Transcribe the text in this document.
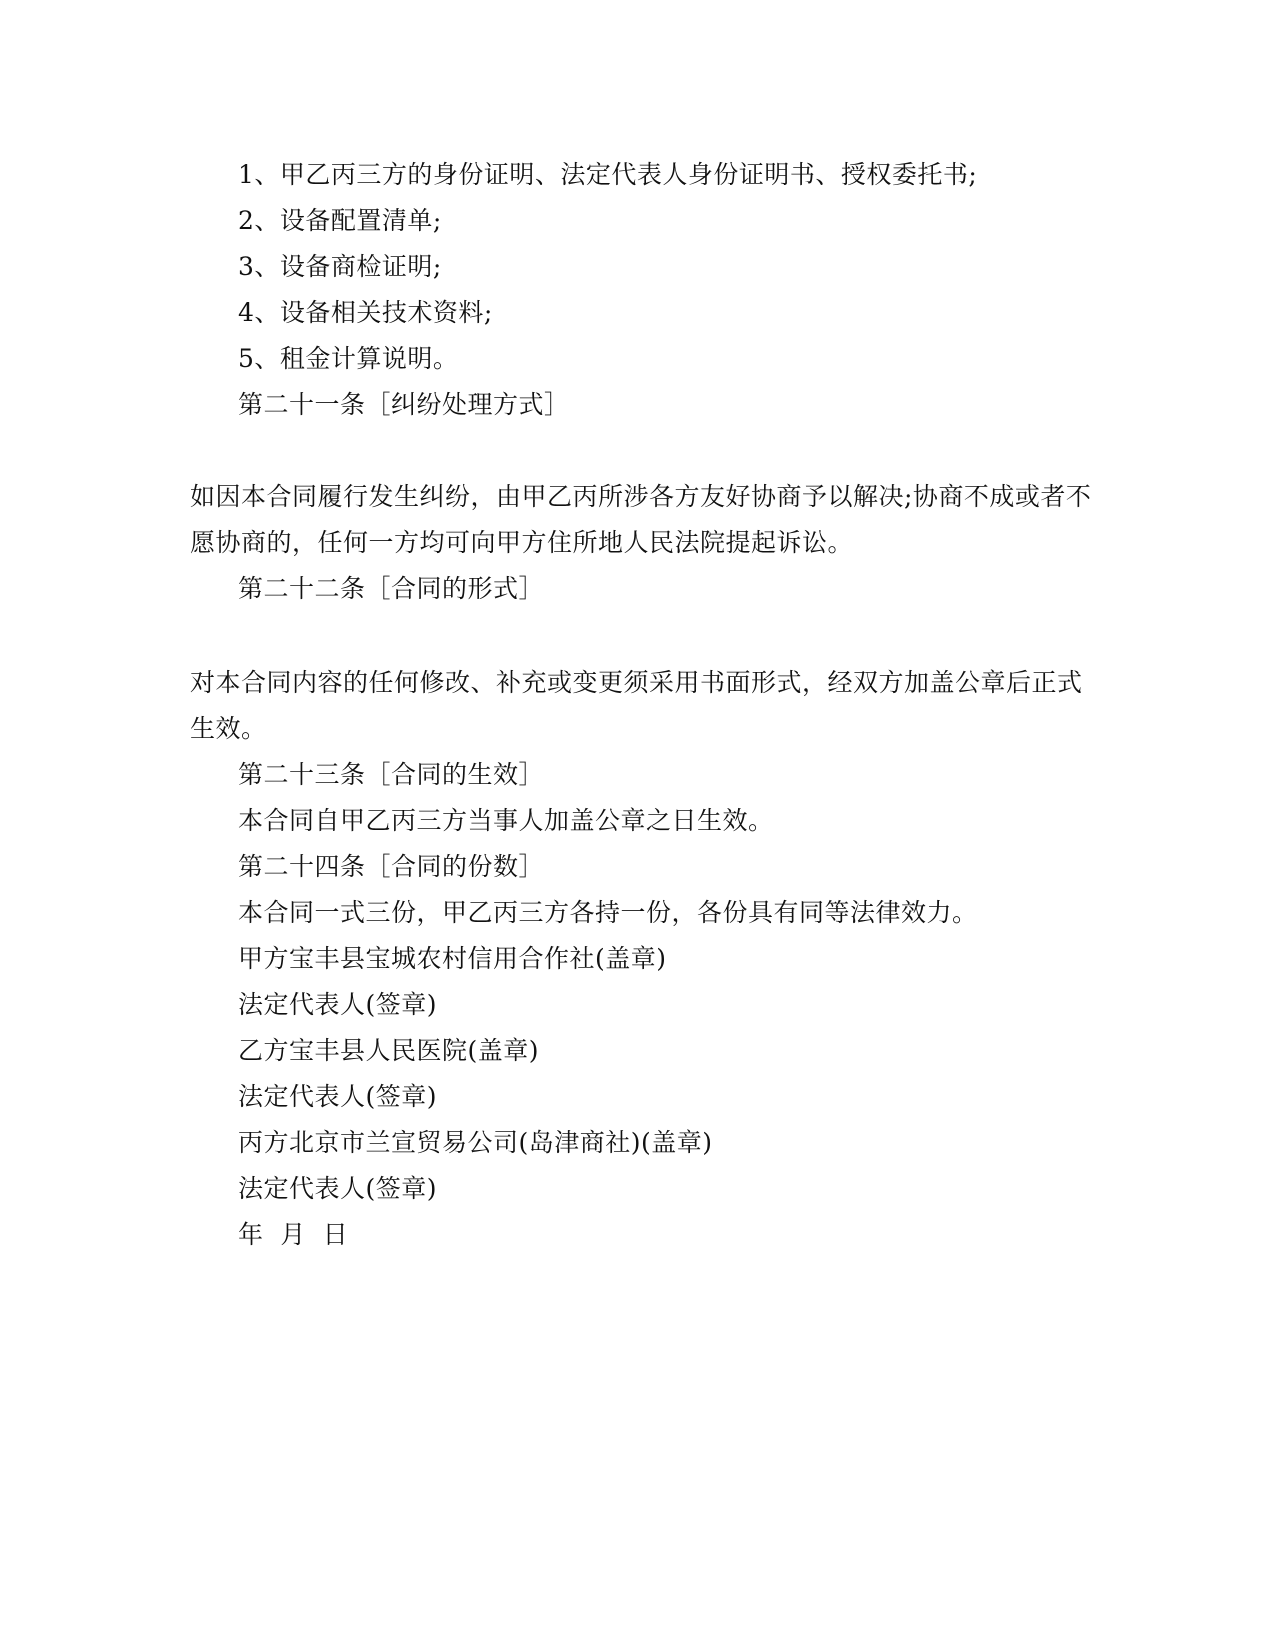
1、甲乙丙三方的身份证明、法定代表人身份证明书、授权委托书;
2、设备配置清单;
3、设备商检证明;
4、设备相关技术资料;
5、租金计算说明。
第二十一条［纠纷处理方式］
如因本合同履行发生纠纷，由甲乙丙所涉各方友好协商予以解决;协商不成或者不
愿协商的，任何一方均可向甲方住所地人民法院提起诉讼。
第二十二条［合同的形式］
对本合同内容的任何修改、补充或变更须采用书面形式，经双方加盖公章后正式
生效。
第二十三条［合同的生效］
本合同自甲乙丙三方当事人加盖公章之日生效。
第二十四条［合同的份数］
本合同一式三份，甲乙丙三方各持一份，各份具有同等法律效力。
甲方宝丰县宝城农村信用合作社(盖章)
法定代表人(签章)
乙方宝丰县人民医院(盖章)
法定代表人(签章)
丙方北京市兰宣贸易公司(岛津商社)(盖章)
法定代表人(签章)
年  月  日
